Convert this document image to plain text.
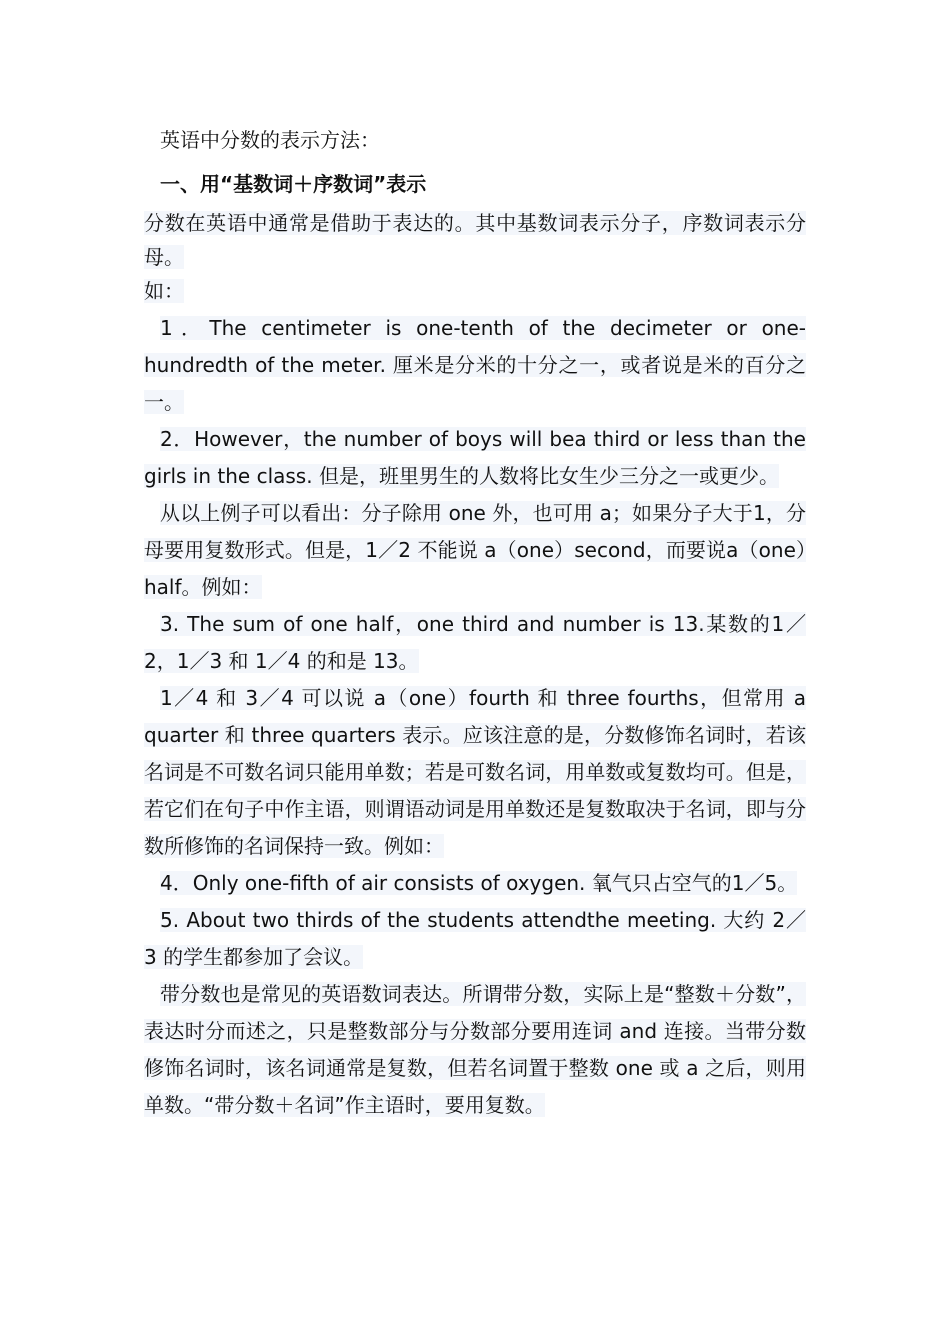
英语中分数的表示方法：

一、用“基数词＋序数词”表示

分数在英语中通常是借助于表达的。其中基数词表示分子，序数词表示分母。

如：

1．The centimeter is one-tenth of the decimeter or one-hundredth of the meter. 厘米是分米的十分之一，或者说是米的百分之一。

2．However，the number of boys will bea third or less than the girls in the class. 但是，班里男生的人数将比女生少三分之一或更少。

从以上例子可以看出：分子除用 one 外，也可用 a；如果分子大于1，分母要用复数形式。但是，1／2 不能说 a（one）second，而要说a（one）half。例如：

3. The sum of one half，one third and number is 13.某数的1／2，1／3 和 1／4 的和是 13。

1／4 和 3／4 可以说 a（one）fourth 和 three fourths，但常用 a quarter 和 three quarters 表示。应该注意的是，分数修饰名词时，若该名词是不可数名词只能用单数；若是可数名词，用单数或复数均可。但是，若它们在句子中作主语，则谓语动词是用单数还是复数取决于名词，即与分数所修饰的名词保持一致。例如：

4．Only one-fifth of air consists of oxygen. 氧气只占空气的1／5。

5. About two thirds of the students attendthe meeting. 大约 2／3 的学生都参加了会议。

带分数也是常见的英语数词表达。所谓带分数，实际上是“整数＋分数”，表达时分而述之，只是整数部分与分数部分要用连词 and 连接。当带分数修饰名词时，该名词通常是复数，但若名词置于整数 one 或 a 之后，则用单数。“带分数＋名词”作主语时，要用复数。
